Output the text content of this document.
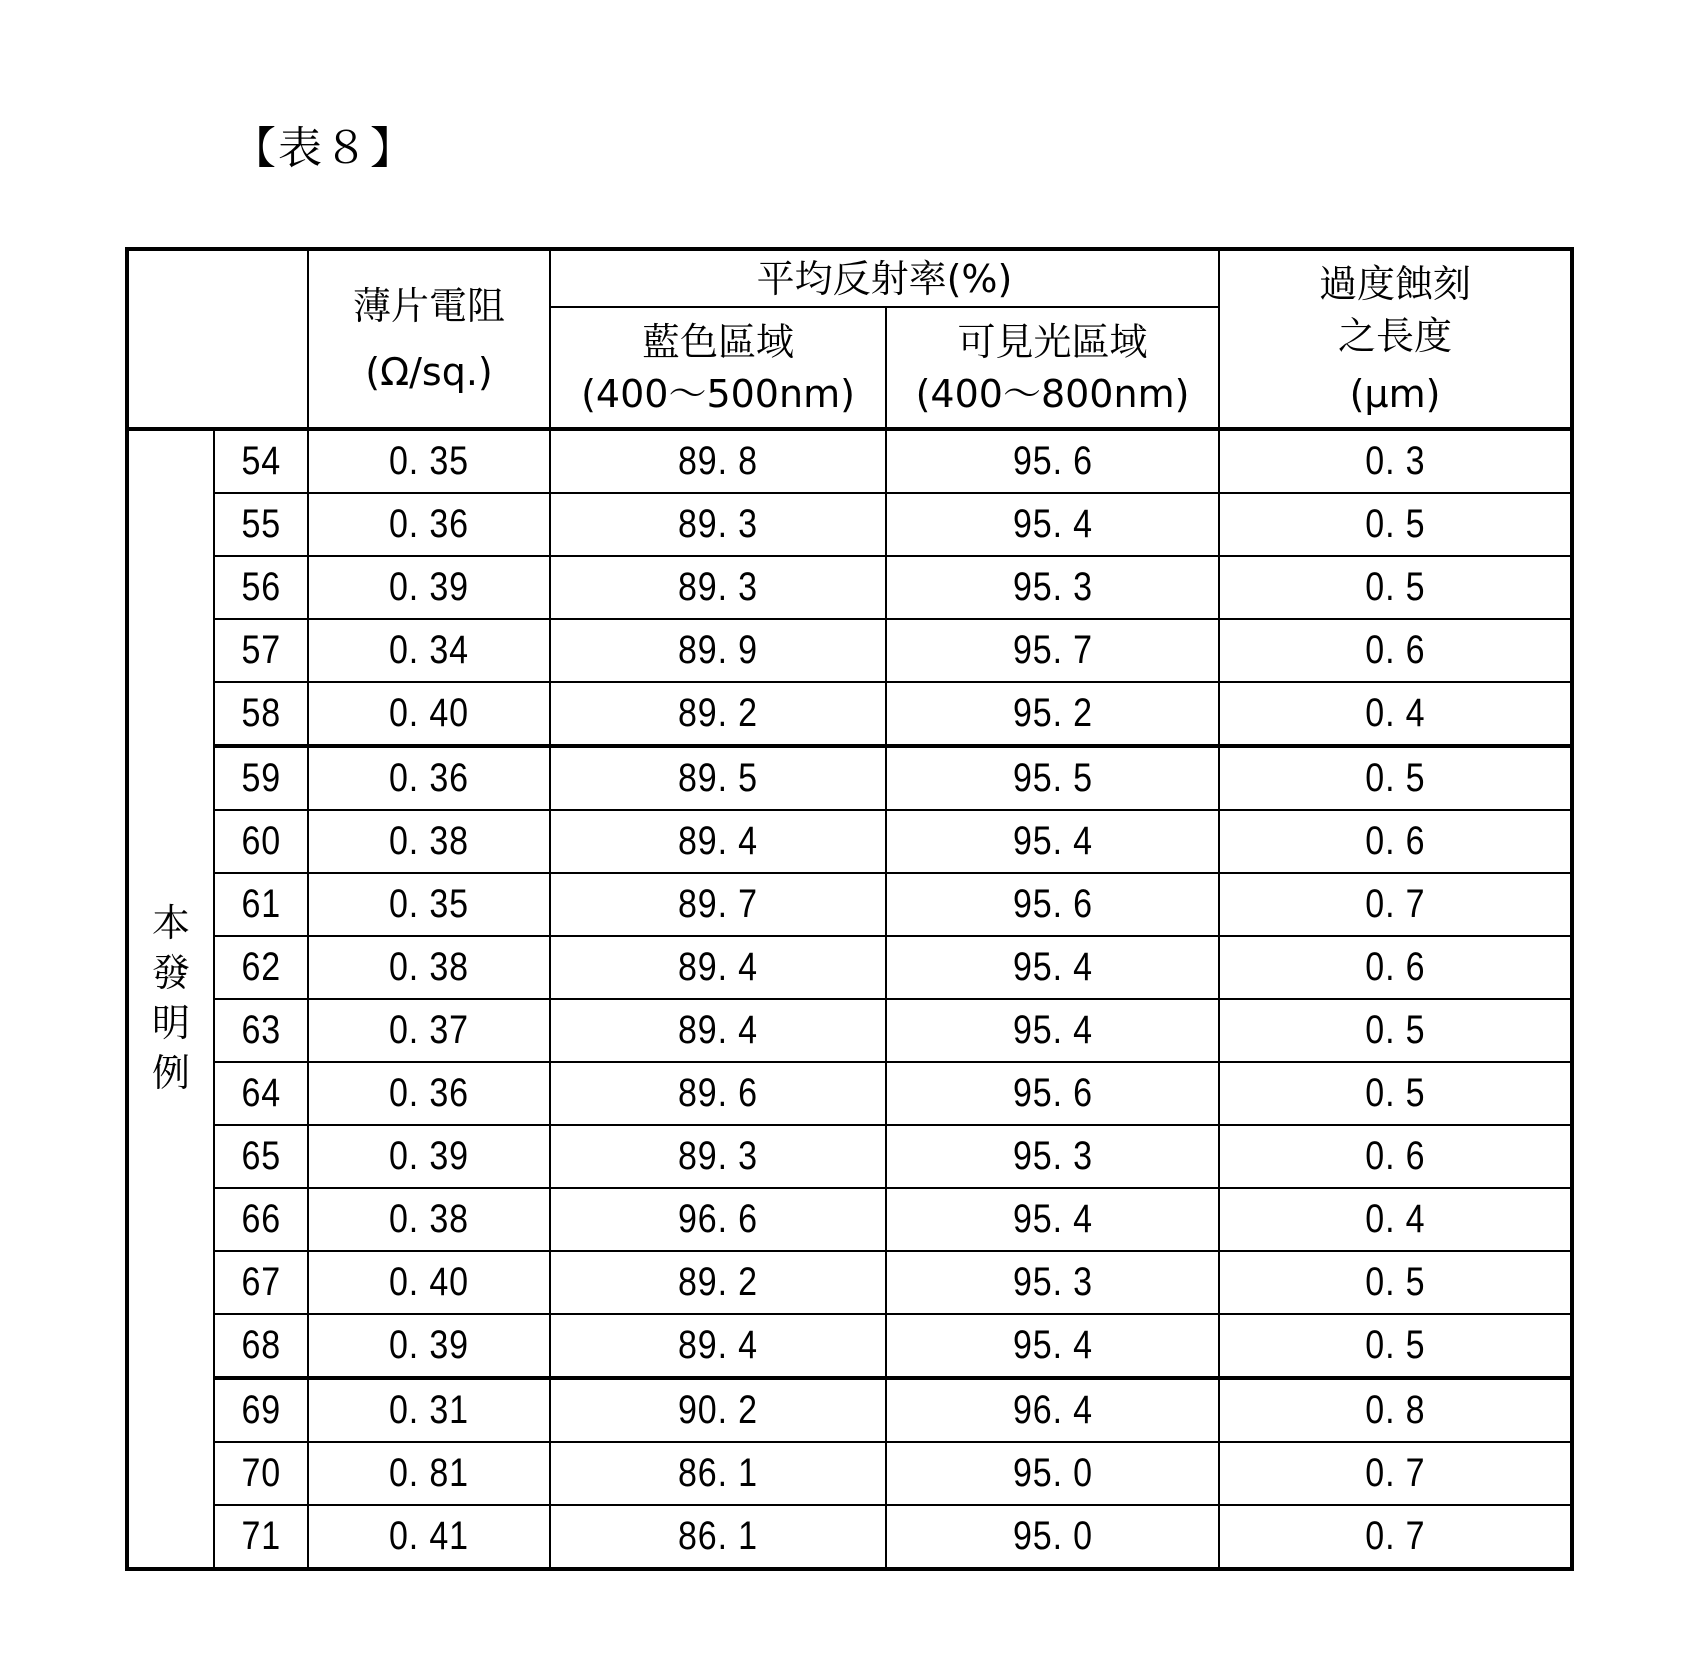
【表８】

薄片電阻
(Ω/sq.)
	平均反射率(%)	過度蝕刻
之長度
(μm)

藍色區域
(400～500nm)

可見光區域
(400～800nm)

本
發
明
例
	54	0. 35	89. 8	95. 6	0. 3
55	0. 36	89. 3	95. 4	0. 5
56	0. 39	89. 3	95. 3	0. 5
57	0. 34	89. 9	95. 7	0. 6
58	0. 40	89. 2	95. 2	0. 4
59	0. 36	89. 5	95. 5	0. 5
60	0. 38	89. 4	95. 4	0. 6
61	0. 35	89. 7	95. 6	0. 7
62	0. 38	89. 4	95. 4	0. 6
63	0. 37	89. 4	95. 4	0. 5
64	0. 36	89. 6	95. 6	0. 5
65	0. 39	89. 3	95. 3	0. 6
66	0. 38	96. 6	95. 4	0. 4
67	0. 40	89. 2	95. 3	0. 5
68	0. 39	89. 4	95. 4	0. 5
69	0. 31	90. 2	96. 4	0. 8
70	0. 81	86. 1	95. 0	0. 7
71	0. 41	86. 1	95. 0	0. 7
